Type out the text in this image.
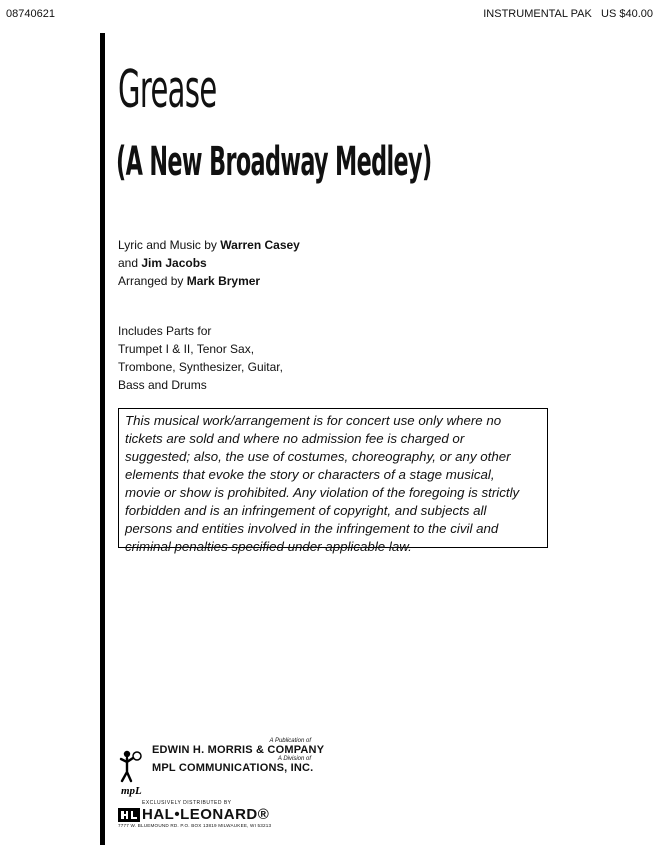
08740621	INSTRUMENTAL PAK   US $40.00
Grease
(A New Broadway Medley)
Lyric and Music by Warren Casey
and Jim Jacobs
Arranged by Mark Brymer
Includes Parts for
Trumpet I & II, Tenor Sax,
Trombone, Synthesizer, Guitar,
Bass and Drums
This musical work/arrangement is for concert use only where no
tickets are sold and where no admission fee is charged or
suggested; also, the use of costumes, choreography, or any other
elements that evoke the story or characters of a stage musical,
movie or show is prohibited. Any violation of the foregoing is strictly
forbidden and is an infringement of copyright, and subjects all
persons and entities involved in the infringement to the civil and
criminal penalties specified under applicable law.
mpL
A Publication of
EDWIN H. MORRIS & COMPANY
A Division of
MPL COMMUNICATIONS, INC.
EXCLUSIVELY DISTRIBUTED BY
HAL•LEONARD®
7777 W. BLUEMOUND RD. P.O. BOX 13819 MILWAUKEE, WI 53213
